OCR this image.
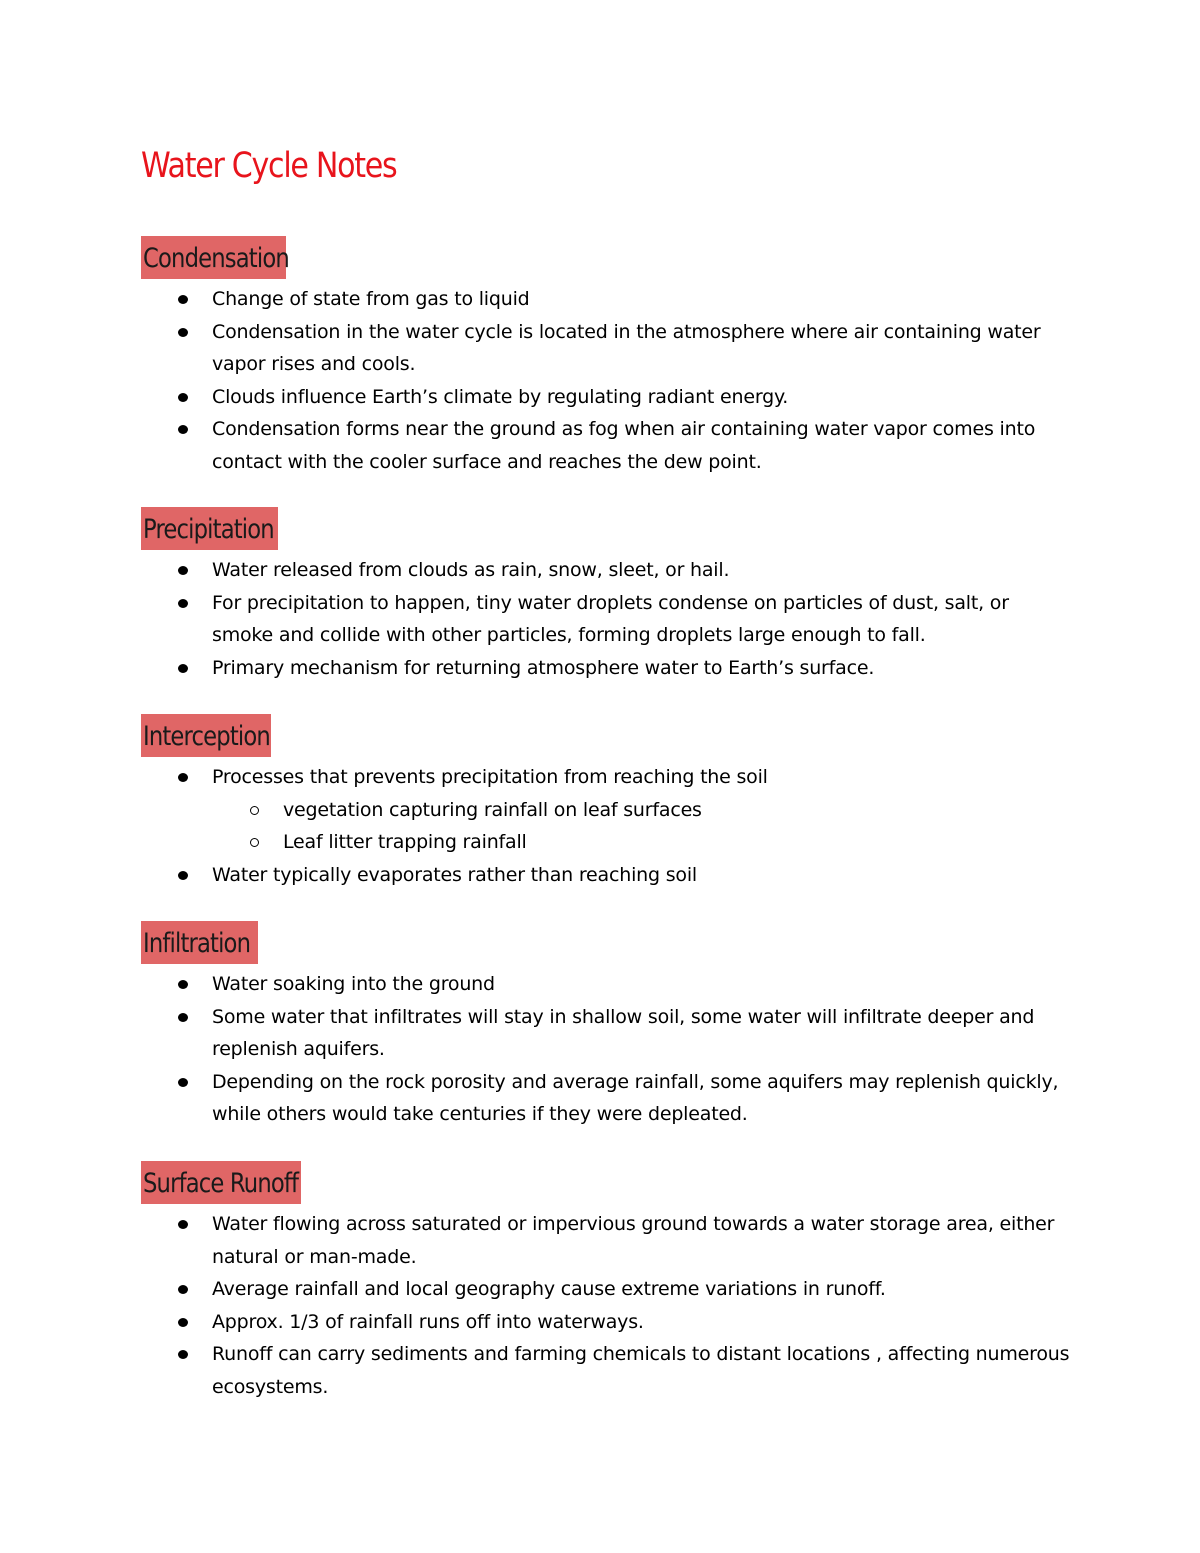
Water Cycle Notes
Condensation
Change of state from gas to liquid
Condensation in the water cycle is located in the atmosphere where air containing water vapor rises and cools.
Clouds influence Earth’s climate by regulating radiant energy.
Condensation forms near the ground as fog when air containing water vapor comes into contact with the cooler surface and reaches the dew point.
Precipitation
Water released from clouds as rain, snow, sleet, or hail.
For precipitation to happen, tiny water droplets condense on particles of dust, salt, or smoke and collide with other particles, forming droplets large enough to fall.
Primary mechanism for returning atmosphere water to Earth’s surface.
Interception
Processes that prevents precipitation from reaching the soil
vegetation capturing rainfall on leaf surfaces
Leaf litter trapping rainfall
Water typically evaporates rather than reaching soil
Infiltration
Water soaking into the ground
Some water that infiltrates will stay in shallow soil, some water will infiltrate deeper and replenish aquifers.
Depending on the rock porosity and average rainfall, some aquifers may replenish quickly, while others would take centuries if they were depleated.
Surface Runoff
Water flowing across saturated or impervious ground towards a water storage area, either natural or man-made.
Average rainfall and local geography cause extreme variations in runoff.
Approx. 1/3 of rainfall runs off into waterways.
Runoff can carry sediments and farming chemicals to distant locations , affecting numerous ecosystems.
